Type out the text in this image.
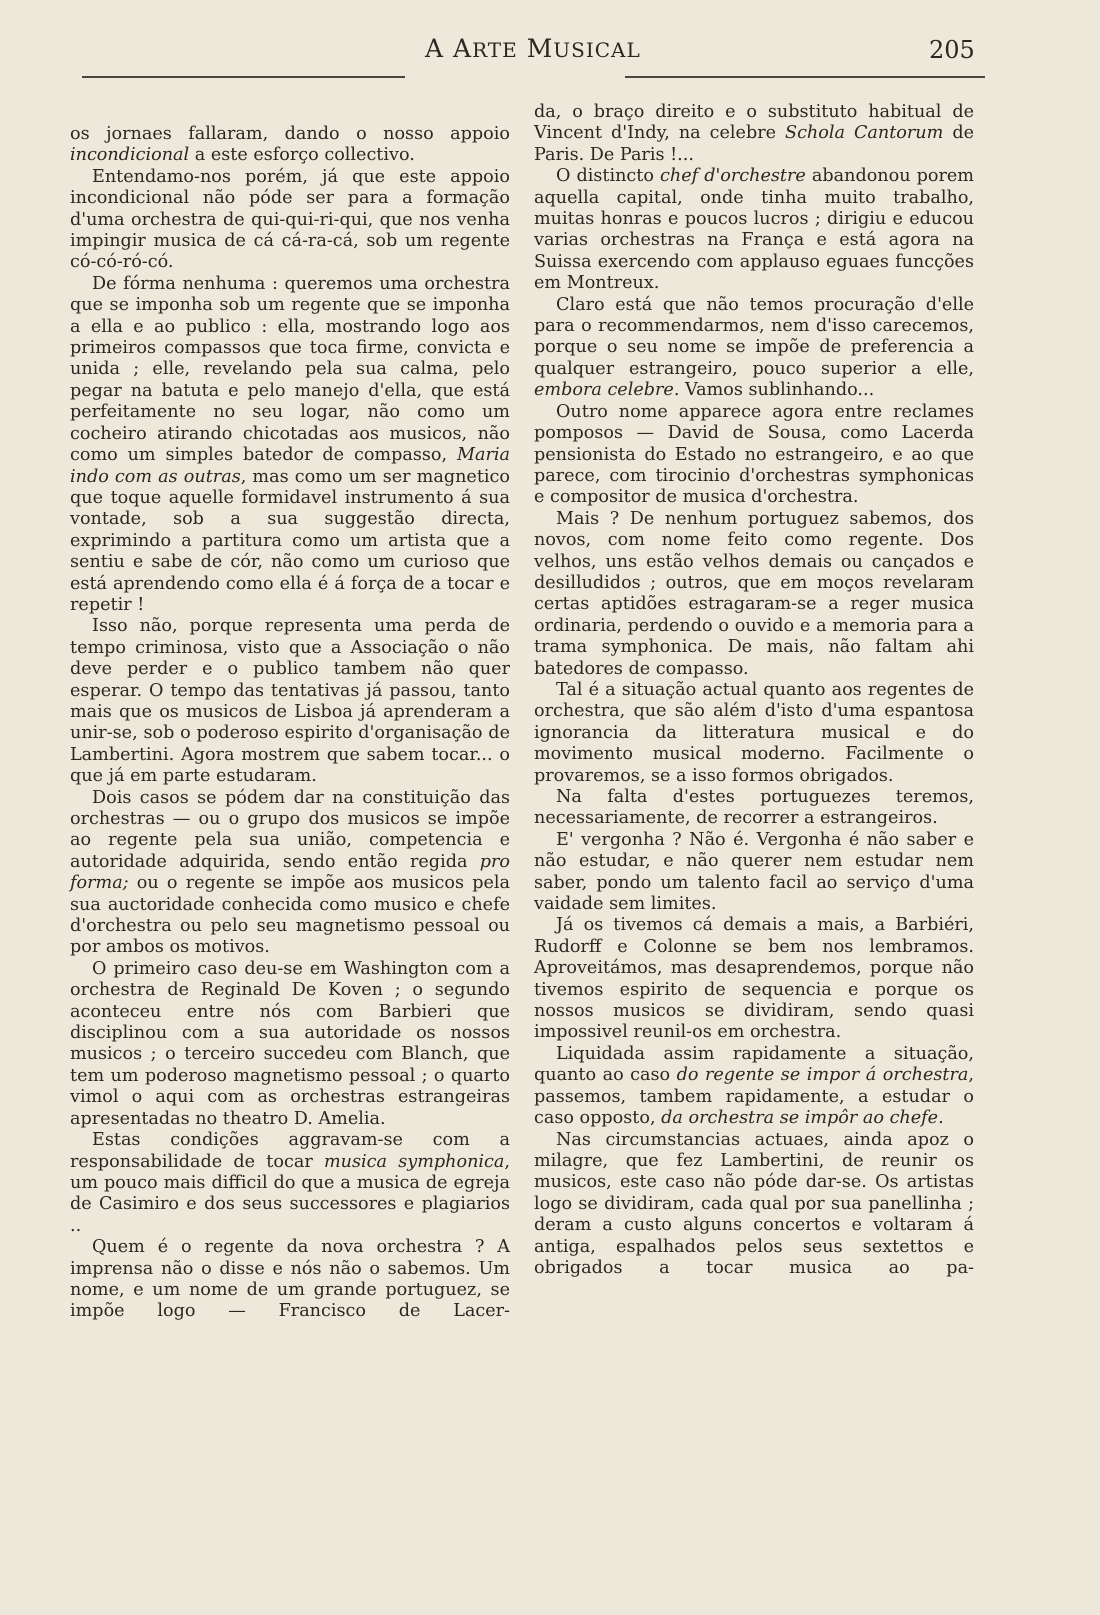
A ARTE MUSICAL	205

os jornaes fallaram, dando o nosso appoio incondicional a este esforço collectivo.

Entendamo-nos porém, já que este appoio incondicional não póde ser para a formação d'uma orchestra de qui-qui-ri-qui, que nos venha impingir musica de cá cá-ra-cá, sob um regente có-có-ró-có.

De fórma nenhuma : queremos uma orchestra que se imponha sob um regente que se imponha a ella e ao publico : ella, mostrando logo aos primeiros compassos que toca firme, convicta e unida ; elle, revelando pela sua calma, pelo pegar na batuta e pelo manejo d'ella, que está perfeitamente no seu logar, não como um cocheiro atirando chicotadas aos musicos, não como um simples batedor de compasso, Maria indo com as outras, mas como um ser magnetico que toque aquelle formidavel instrumento á sua vontade, sob a sua suggestão directa, exprimindo a partitura como um artista que a sentiu e sabe de cór, não como um curioso que está aprendendo como ella é á força de a tocar e repetir !

Isso não, porque representa uma perda de tempo criminosa, visto que a Associação o não deve perder e o publico tambem não quer esperar. O tempo das tentativas já passou, tanto mais que os musicos de Lisboa já aprenderam a unir-se, sob o poderoso espirito d'organisação de Lambertini. Agora mostrem que sabem tocar... o que já em parte estudaram.

Dois casos se pódem dar na constituição das orchestras — ou o grupo dos musicos se impõe ao regente pela sua união, competencia e autoridade adquirida, sendo então regida pro forma; ou o regente se impõe aos musicos pela sua auctoridade conhecida como musico e chefe d'orchestra ou pelo seu magnetismo pessoal ou por ambos os motivos.

O primeiro caso deu-se em Washington com a orchestra de Reginald De Koven ; o segundo aconteceu entre nós com Barbieri que disciplinou com a sua autoridade os nossos musicos ; o terceiro succedeu com Blanch, que tem um poderoso magnetismo pessoal ; o quarto vimol o aqui com as orchestras estrangeiras apresentadas no theatro D. Amelia.

Estas condições aggravam-se com a responsabilidade de tocar musica symphonica, um pouco mais difficil do que a musica de egreja de Casimiro e dos seus successores e plagiarios ..

Quem é o regente da nova orchestra ? A imprensa não o disse e nós não o sabemos. Um nome, e um nome de um grande portuguez, se impõe logo — Francisco de Lacer-

da, o braço direito e o substituto habitual de Vincent d'Indy, na celebre Schola Cantorum de Paris. De Paris !...

O distincto chef d'orchestre abandonou porem aquella capital, onde tinha muito trabalho, muitas honras e poucos lucros ; dirigiu e educou varias orchestras na França e está agora na Suissa exercendo com applauso eguaes funcções em Montreux.

Claro está que não temos procuração d'elle para o recommendarmos, nem d'isso carecemos, porque o seu nome se impõe de preferencia a qualquer estrangeiro, pouco superior a elle, embora celebre. Vamos sublinhando...

Outro nome apparece agora entre reclames pomposos — David de Sousa, como Lacerda pensionista do Estado no estrangeiro, e ao que parece, com tirocinio d'orchestras symphonicas e compositor de musica d'orchestra.

Mais ? De nenhum portuguez sabemos, dos novos, com nome feito como regente. Dos velhos, uns estão velhos demais ou cançados e desilludidos ; outros, que em moços revelaram certas aptidões estragaram-se a reger musica ordinaria, perdendo o ouvido e a memoria para a trama symphonica. De mais, não faltam ahi batedores de compasso.

Tal é a situação actual quanto aos regentes de orchestra, que são além d'isto d'uma espantosa ignorancia da litteratura musical e do movimento musical moderno. Facilmente o provaremos, se a isso formos obrigados.

Na falta d'estes portuguezes teremos, necessariamente, de recorrer a estrangeiros.

E' vergonha ? Não é. Vergonha é não saber e não estudar, e não querer nem estudar nem saber, pondo um talento facil ao serviço d'uma vaidade sem limites.

Já os tivemos cá demais a mais, a Barbiéri, Rudorff e Colonne se bem nos lembramos. Aproveitámos, mas desaprendemos, porque não tivemos espirito de sequencia e porque os nossos musicos se dividiram, sendo quasi impossivel reunil-os em orchestra.

Liquidada assim rapidamente a situação, quanto ao caso do regente se impor á orchestra, passemos, tambem rapidamente, a estudar o caso opposto, da orchestra se impôr ao chefe.

Nas circumstancias actuaes, ainda apoz o milagre, que fez Lambertini, de reunir os musicos, este caso não póde dar-se. Os artistas logo se dividiram, cada qual por sua panellinha ; deram a custo alguns concertos e voltaram á antiga, espalhados pelos seus sextettos e obrigados a tocar musica ao pa-
